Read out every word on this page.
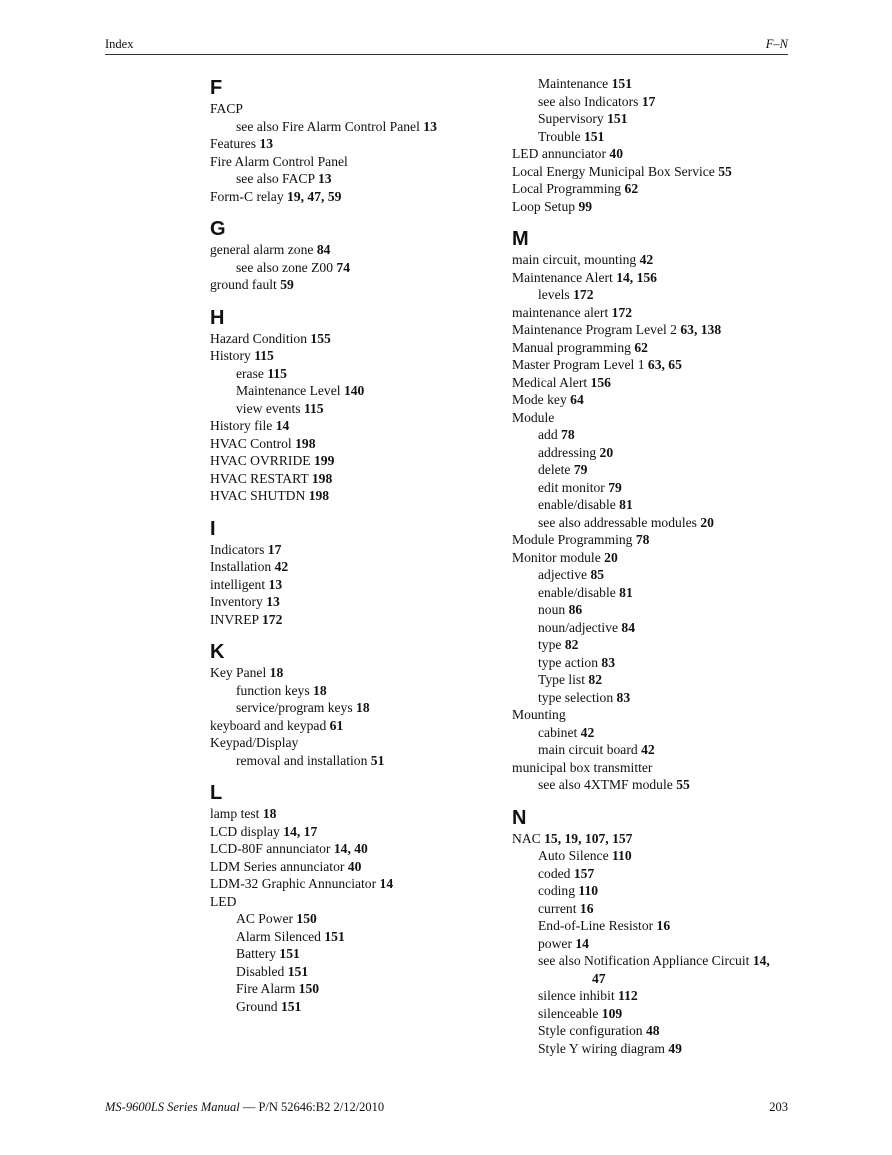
Index	F–N
F
FACP
see also Fire Alarm Control Panel 13
Features 13
Fire Alarm Control Panel
see also FACP 13
Form-C relay 19, 47, 59
G
general alarm zone 84
see also zone Z00 74
ground fault 59
H
Hazard Condition 155
History 115
erase 115
Maintenance Level 140
view events 115
History file 14
HVAC Control 198
HVAC OVRRIDE 199
HVAC RESTART 198
HVAC SHUTDN 198
I
Indicators 17
Installation 42
intelligent 13
Inventory 13
INVREP 172
K
Key Panel 18
function keys 18
service/program keys 18
keyboard and keypad 61
Keypad/Display
removal and installation 51
L
lamp test 18
LCD display 14, 17
LCD-80F annunciator 14, 40
LDM Series annunciator 40
LDM-32 Graphic Annunciator 14
LED
AC Power 150
Alarm Silenced 151
Battery 151
Disabled 151
Fire Alarm 150
Ground 151
Maintenance 151
see also Indicators 17
Supervisory 151
Trouble 151
LED annunciator 40
Local Energy Municipal Box Service 55
Local Programming 62
Loop Setup 99
M
main circuit, mounting 42
Maintenance Alert 14, 156
levels 172
maintenance alert 172
Maintenance Program Level 2 63, 138
Manual programming 62
Master Program Level 1 63, 65
Medical Alert 156
Mode key 64
Module
add 78
addressing 20
delete 79
edit monitor 79
enable/disable 81
see also addressable modules 20
Module Programming 78
Monitor module 20
adjective 85
enable/disable 81
noun 86
noun/adjective 84
type 82
type action 83
Type list 82
type selection 83
Mounting
cabinet 42
main circuit board 42
municipal box transmitter
see also 4XTMF module 55
N
NAC 15, 19, 107, 157
Auto Silence 110
coded 157
coding 110
current 16
End-of-Line Resistor 16
power 14
see also Notification Appliance Circuit 14,
47
silence inhibit 112
silenceable 109
Style configuration 48
Style Y wiring diagram 49
MS-9600LS Series Manual — P/N 52646:B2 2/12/2010	203
